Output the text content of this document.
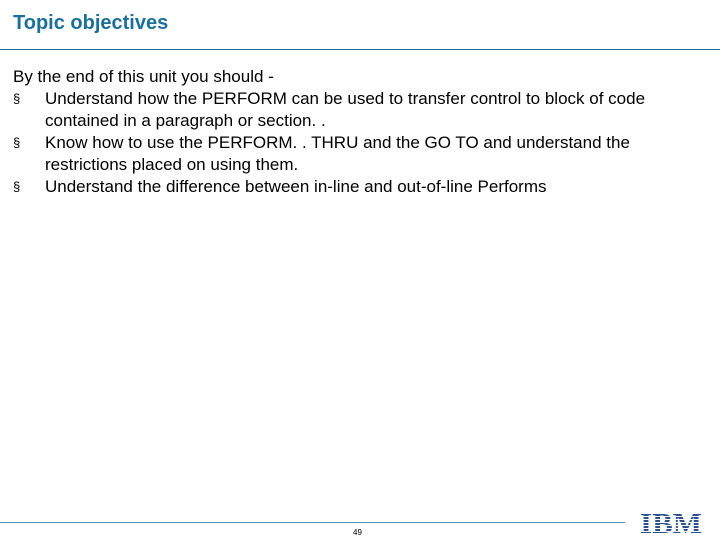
Topic objectives

By the end of this unit you should -

§	Understand how the PERFORM can be used to transfer control to block of code contained in a paragraph or section. .
§	Know how to use the PERFORM. . THRU and the GO TO and understand the restrictions placed on using them.
§	Understand the difference between in-line and out-of-line Performs
49	IBM
